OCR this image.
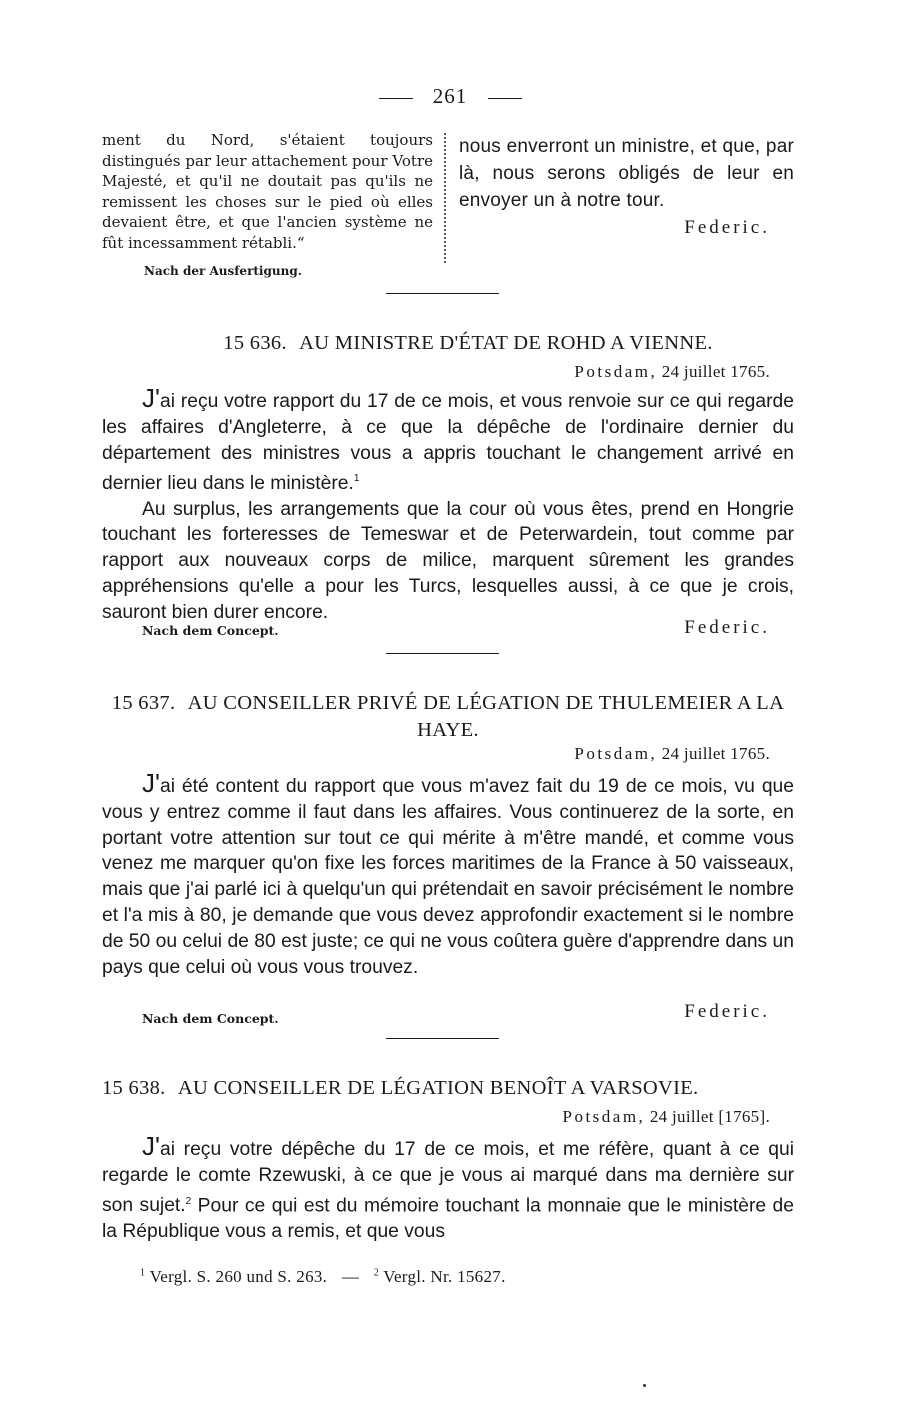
261
ment du Nord, s'étaient toujours distingués par leur attachement pour Votre Majesté, et qu'il ne doutait pas qu'ils ne remissent les choses sur le pied où elles devaient être, et que l'ancien système ne fût incessamment rétabli.“
Nach der Ausfertigung.

nous enverront un ministre, et que, par là, nous serons obligés de leur en envoyer un à notre tour.

Federic.

15 636. AU MINISTRE D'ÉTAT DE ROHD A VIENNE.
Potsdam, 24 juillet 1765.

J'ai reçu votre rapport du 17 de ce mois, et vous renvoie sur ce qui regarde les affaires d'Angleterre, à ce que la dépêche de l'ordinaire dernier du département des ministres vous a appris touchant le changement arrivé en dernier lieu dans le ministère.$^1$

Au surplus, les arrangements que la cour où vous êtes, prend en Hongrie touchant les forteresses de Temeswar et de Peterwardein, tout comme par rapport aux nouveaux corps de milice, marquent sûrement les grandes appréhensions qu'elle a pour les Turcs, lesquelles aussi, à ce que je crois, sauront bien durer encore.

Nach dem Concept.	Federic.
15 637. AU CONSEILLER PRIVÉ DE LÉGATION DE THULEMEIER A LA HAYE.
Potsdam, 24 juillet 1765.

J'ai été content du rapport que vous m'avez fait du 19 de ce mois, vu que vous y entrez comme il faut dans les affaires. Vous continuerez de la sorte, en portant votre attention sur tout ce qui mérite à m'être mandé, et comme vous venez me marquer qu'on fixe les forces maritimes de la France à 50 vaisseaux, mais que j'ai parlé ici à quelqu'un qui prétendait en savoir précisément le nombre et l'a mis à 80, je demande que vous devez approfondir exactement si le nombre de 50 ou celui de 80 est juste; ce qui ne vous coûtera guère d'apprendre dans un pays que celui où vous vous trouvez.

Nach dem Concept.	Federic.
15 638. AU CONSEILLER DE LÉGATION BENOÎT A VARSOVIE.
Potsdam, 24 juillet [1765].

J'ai reçu votre dépêche du 17 de ce mois, et me réfère, quant à ce qui regarde le comte Rzewuski, à ce que je vous ai marqué dans ma dernière sur son sujet.$^2$ Pour ce qui est du mémoire touchant la monnaie que le ministère de la République vous a remis, et que vous

$^1$ Vergl. S. 260 und S. 263. — $^2$ Vergl. Nr. 15627.
